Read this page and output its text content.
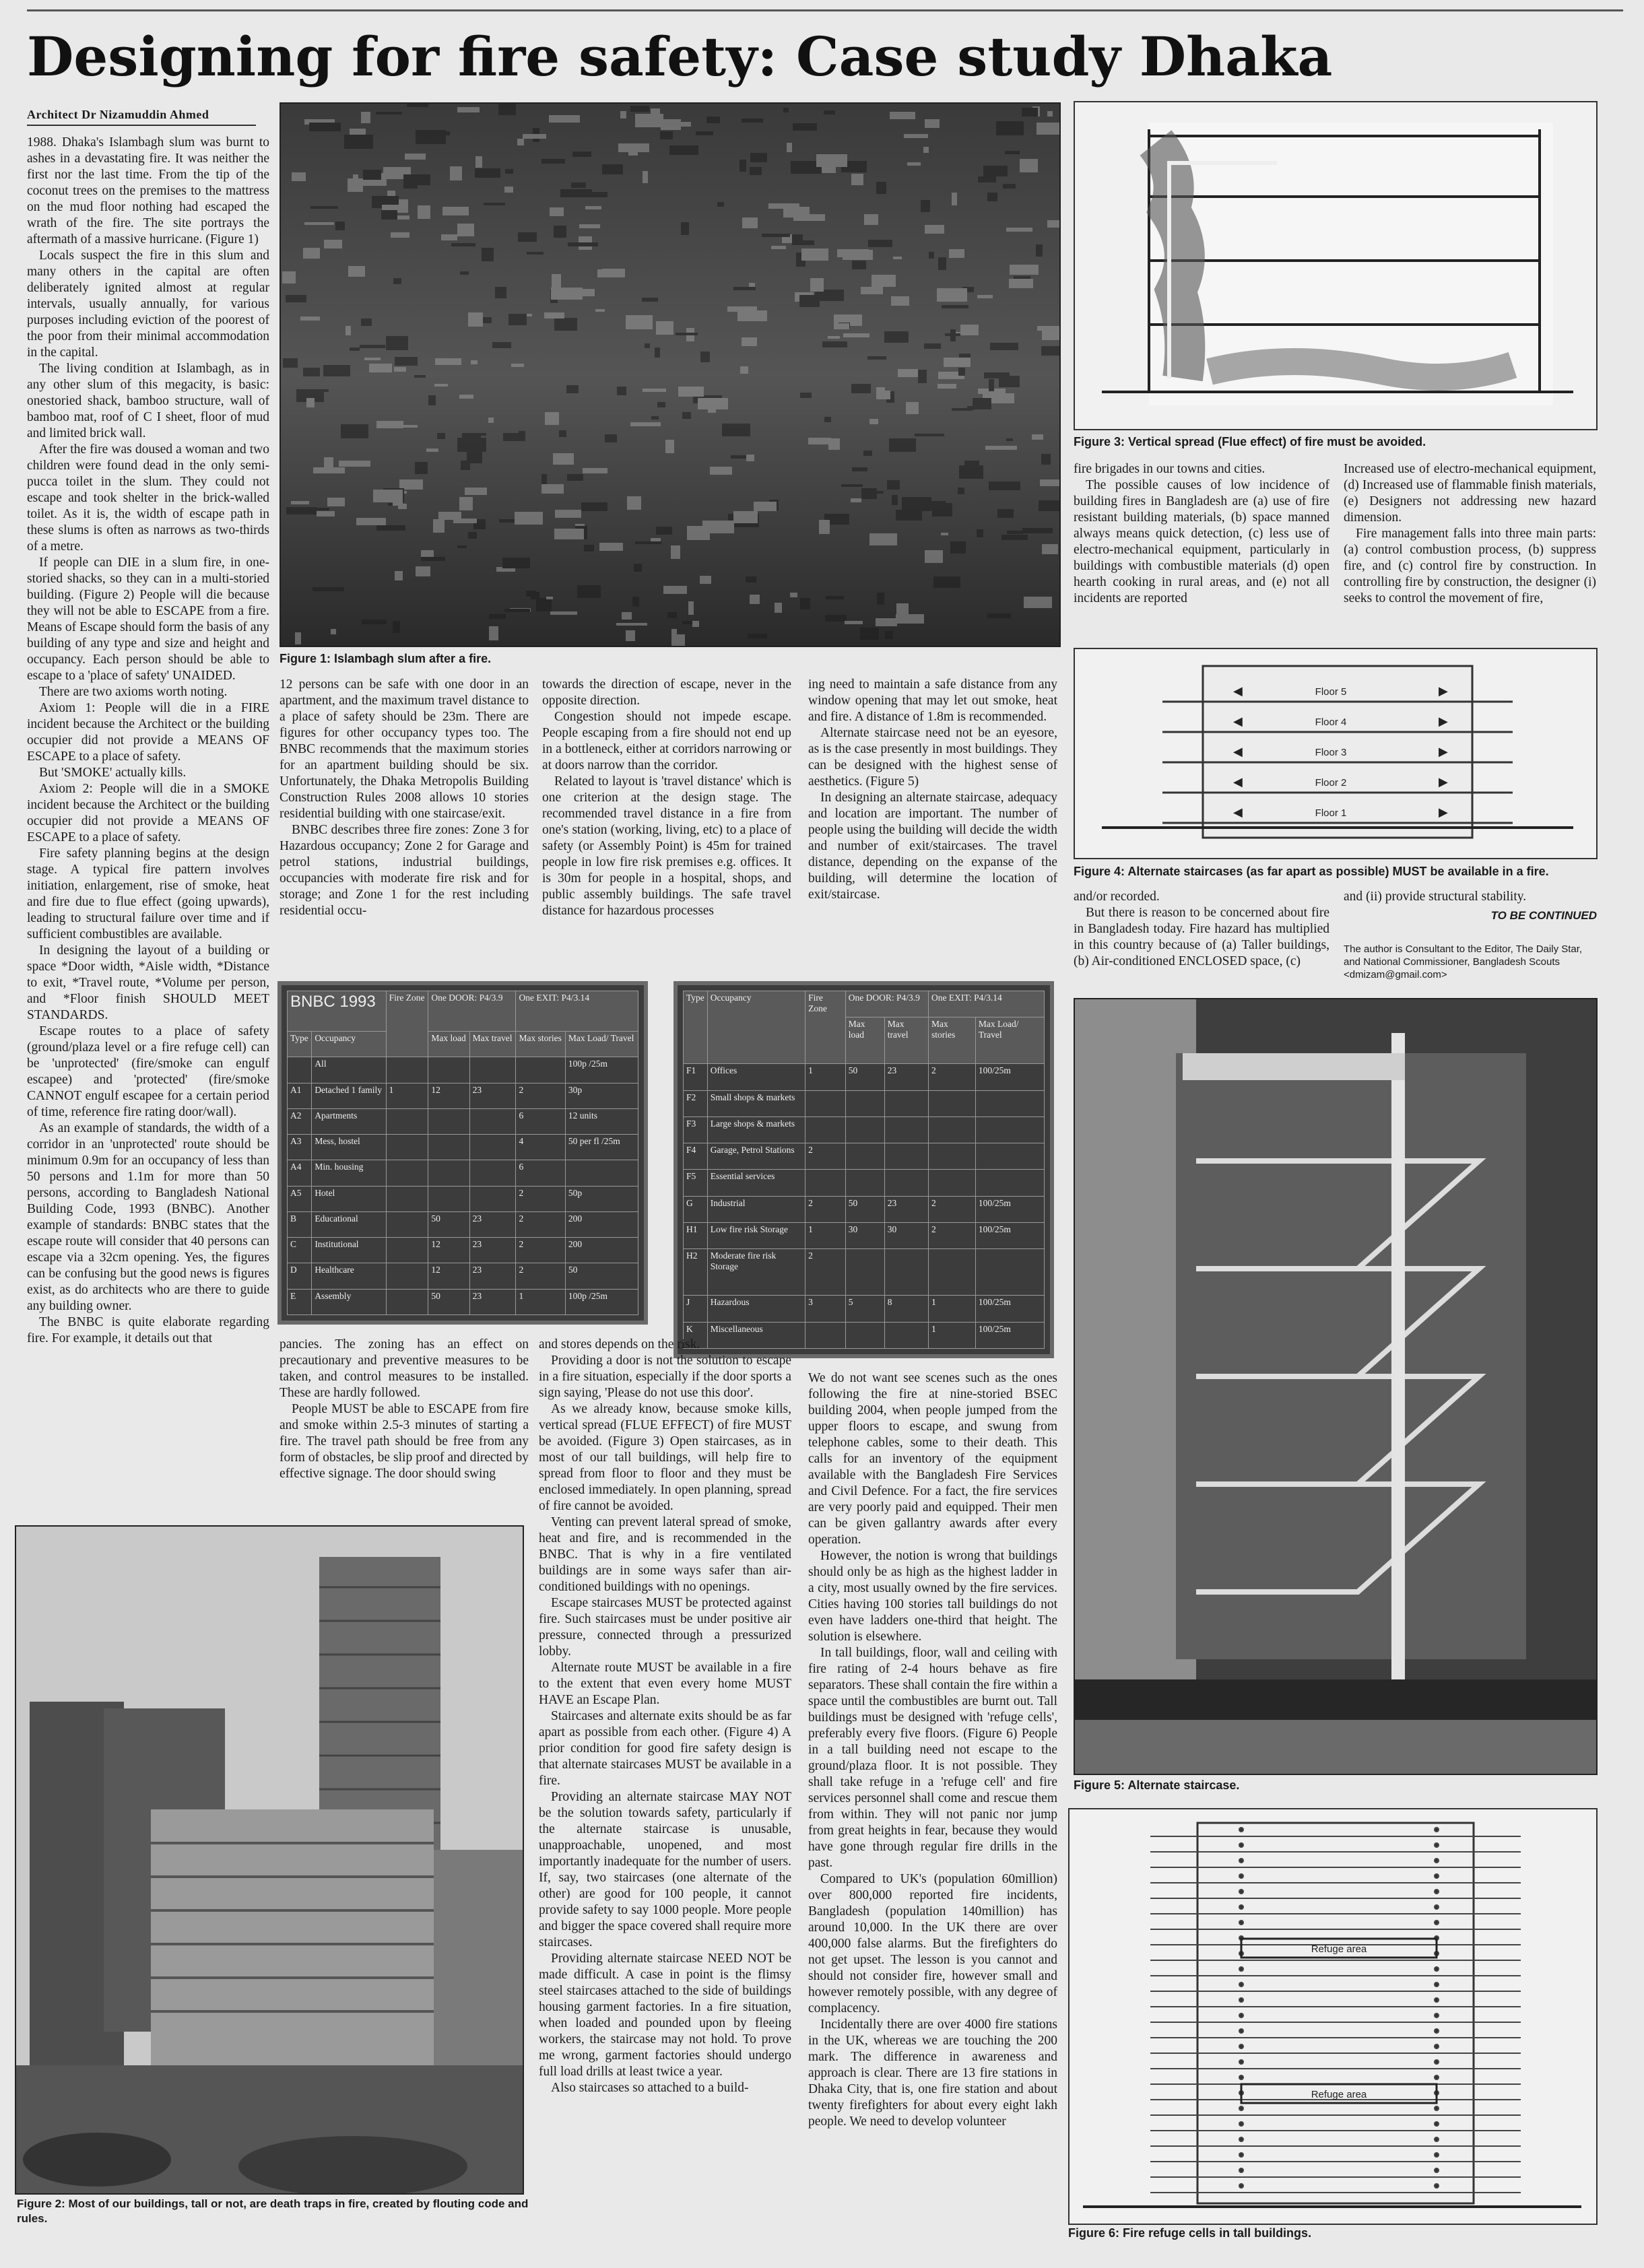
Designing for fire safety: Case study Dhaka
Architect Dr Nizamuddin Ahmed

1988. Dhaka's Islambagh slum was burnt to ashes in a devastating fire. It was neither the first nor the last time. From the tip of the coconut trees on the premises to the mattress on the mud floor nothing had escaped the wrath of the fire. The site portrays the aftermath of a massive hurricane. (Figure 1)

Locals suspect the fire in this slum and many others in the capital are often deliberately ignited almost at regular intervals, usually annually, for various purposes including eviction of the poorest of the poor from their minimal accommodation in the capital.

The living condition at Islambagh, as in any other slum of this megacity, is basic: onestoried shack, bamboo structure, wall of bamboo mat, roof of C I sheet, floor of mud and limited brick wall.

After the fire was doused a woman and two children were found dead in the only semi-pucca toilet in the slum. They could not escape and took shelter in the brick-walled toilet. As it is, the width of escape path in these slums is often as narrows as two-thirds of a metre.

If people can DIE in a slum fire, in one-storied shacks, so they can in a multi-storied building. (Figure 2) People will die because they will not be able to ESCAPE from a fire. Means of Escape should form the basis of any building of any type and size and height and occupancy. Each person should be able to escape to a 'place of safety' UNAIDED.

There are two axioms worth noting.

Axiom 1: People will die in a FIRE incident because the Architect or the building occupier did not provide a MEANS OF ESCAPE to a place of safety.

But 'SMOKE' actually kills.

Axiom 2: People will die in a SMOKE incident because the Architect or the building occupier did not provide a MEANS OF ESCAPE to a place of safety.

Fire safety planning begins at the design stage. A typical fire pattern involves initiation, enlargement, rise of smoke, heat and fire due to flue effect (going upwards), leading to structural failure over time and if sufficient combustibles are available.

In designing the layout of a building or space *Door width, *Aisle width, *Distance to exit, *Travel route, *Volume per person, and *Floor finish SHOULD MEET STANDARDS.

Escape routes to a place of safety (ground/plaza level or a fire refuge cell) can be 'unprotected' (fire/smoke can engulf escapee) and 'protected' (fire/smoke CANNOT engulf escapee for a certain period of time, reference fire rating door/wall).

As an example of standards, the width of a corridor in an 'unprotected' route should be minimum 0.9m for an occupancy of less than 50 persons and 1.1m for more than 50 persons, according to Bangladesh National Building Code, 1993 (BNBC). Another example of standards: BNBC states that the escape route will consider that 40 persons can escape via a 32cm opening. Yes, the figures can be confusing but the good news is figures exist, as do architects who are there to guide any building owner.

The BNBC is quite elaborate regarding fire. For example, it details out that

Figure 1: Islambagh slum after a fire.

12 persons can be safe with one door in an apartment, and the maximum travel distance to a place of safety should be 23m. There are figures for other occupancy types too. The BNBC recommends that the maximum stories for an apartment building should be six. Unfortunately, the Dhaka Metropolis Building Construction Rules 2008 allows 10 stories residential building with one staircase/exit.

BNBC describes three fire zones: Zone 3 for Hazardous occupancy; Zone 2 for Garage and petrol stations, industrial buildings, occupancies with moderate fire risk and for storage; and Zone 1 for the rest including residential occu-

towards the direction of escape, never in the opposite direction.

Congestion should not impede escape. People escaping from a fire should not end up in a bottleneck, either at corridors narrowing or at doors narrow than the corridor.

Related to layout is 'travel distance' which is one criterion at the design stage. The recommended travel distance in a fire from one's station (working, living, etc) to a place of safety (or Assembly Point) is 45m for trained people in low fire risk premises e.g. offices. It is 30m for people in a hospital, shops, and public assembly buildings. The safe travel distance for hazardous processes

ing need to maintain a safe distance from any window opening that may let out smoke, heat and fire. A distance of 1.8m is recommended.

Alternate staircase need not be an eyesore, as is the case presently in most buildings. They can be designed with the highest sense of aesthetics. (Figure 5)

In designing an alternate staircase, adequacy and location are important. The number of people using the building will decide the width and number of exit/staircases. The travel distance, depending on the expanse of the building, will determine the location of exit/staircase.

BNBC 1993		Fire Zone	One DOOR: P4/3.9		One EXIT: P4/3.14	
Type	Occupancy		Max load	Max travel	Max stories	Max Load/ Travel
	All					100p /25m
A1	Detached 1 family	1	12	23	2	30p
A2	Apartments				6	12 units
A3	Mess, hostel				4	50 per fl /25m
A4	Min. housing				6	
A5	Hotel				2	50p
B	Educational		50	23	2	200
C	Institutional		12	23	2	200
D	Healthcare		12	23	2	50
E	Assembly		50	23	1	100p /25m
Type	Occupancy	Fire Zone	One DOOR: P4/3.9		One EXIT: P4/3.14	
			Max load	Max travel	Max stories	Max Load/ Travel
F1	Offices	1	50	23	2	100/25m
F2	Small shops & markets					
F3	Large shops & markets					
F4	Garage, Petrol Stations	2				
F5	Essential services					
G	Industrial	2	50	23	2	100/25m
H1	Low fire risk Storage	1	30	30	2	100/25m
H2	Moderate fire risk Storage	2				
J	Hazardous	3	5	8	1	100/25m
K	Miscellaneous				1	100/25m

pancies. The zoning has an effect on precautionary and preventive measures to be taken, and control measures to be installed. These are hardly followed.

People MUST be able to ESCAPE from fire and smoke within 2.5-3 minutes of starting a fire. The travel path should be free from any form of obstacles, be slip proof and directed by effective signage. The door should swing

and stores depends on the risk.

Providing a door is not the solution to escape in a fire situation, especially if the door sports a sign saying, 'Please do not use this door'.

As we already know, because smoke kills, vertical spread (FLUE EFFECT) of fire MUST be avoided. (Figure 3) Open staircases, as in most of our tall buildings, will help fire to spread from floor to floor and they must be enclosed immediately. In open planning, spread of fire cannot be avoided.

Venting can prevent lateral spread of smoke, heat and fire, and is recommended in the BNBC. That is why in a fire ventilated buildings are in some ways safer than air-conditioned buildings with no openings.

Escape staircases MUST be protected against fire. Such staircases must be under positive air pressure, connected through a pressurized lobby.

Alternate route MUST be available in a fire to the extent that even every home MUST HAVE an Escape Plan.

Staircases and alternate exits should be as far apart as possible from each other. (Figure 4) A prior condition for good fire safety design is that alternate staircases MUST be available in a fire.

Providing an alternate staircase MAY NOT be the solution towards safety, particularly if the alternate staircase is unusable, unapproachable, unopened, and most importantly inadequate for the number of users. If, say, two staircases (one alternate of the other) are good for 100 people, it cannot provide safety to say 1000 people. More people and bigger the space covered shall require more staircases.

Providing alternate staircase NEED NOT be made difficult. A case in point is the flimsy steel staircases attached to the side of buildings housing garment factories. In a fire situation, when loaded and pounded upon by fleeing workers, the staircase may not hold. To prove me wrong, garment factories should undergo full load drills at least twice a year.

Also staircases so attached to a build-

We do not want see scenes such as the ones following the fire at nine-storied BSEC building 2004, when people jumped from the upper floors to escape, and swung from telephone cables, some to their death. This calls for an inventory of the equipment available with the Bangladesh Fire Services and Civil Defence. For a fact, the fire services are very poorly paid and equipped. Their men can be given gallantry awards after every operation.

However, the notion is wrong that buildings should only be as high as the highest ladder in a city, most usually owned by the fire services. Cities having 100 stories tall buildings do not even have ladders one-third that height. The solution is elsewhere.

In tall buildings, floor, wall and ceiling with fire rating of 2-4 hours behave as fire separators. These shall contain the fire within a space until the combustibles are burnt out. Tall buildings must be designed with 'refuge cells', preferably every five floors. (Figure 6) People in a tall building need not escape to the ground/plaza floor. It is not possible. They shall take refuge in a 'refuge cell' and fire services personnel shall come and rescue them from within. They will not panic nor jump from great heights in fear, because they would have gone through regular fire drills in the past.

Compared to UK's (population 60million) over 800,000 reported fire incidents, Bangladesh (population 140million) has around 10,000. In the UK there are over 400,000 false alarms. But the firefighters do not get upset. The lesson is you cannot and should not consider fire, however small and however remotely possible, with any degree of complacency.

Incidentally there are over 4000 fire stations in the UK, whereas we are touching the 200 mark. The difference in awareness and approach is clear. There are 13 fire stations in Dhaka City, that is, one fire station and about twenty firefighters for about every eight lakh people. We need to develop volunteer

Figure 2: Most of our buildings, tall or not, are death traps in fire, created by flouting code and rules.
Figure 3: Vertical spread (Flue effect) of fire must be avoided.

fire brigades in our towns and cities.

The possible causes of low incidence of building fires in Bangladesh are (a) use of fire resistant building materials, (b) space manned always means quick detection, (c) less use of electro-mechanical equipment, particularly in buildings with combustible materials (d) open hearth cooking in rural areas, and (e) not all incidents are reported

Increased use of electro-mechanical equipment, (d) Increased use of flammable finish materials, (e) Designers not addressing new hazard dimension.

Fire management falls into three main parts: (a) control combustion process, (b) suppress fire, and (c) control fire by construction. In controlling fire by construction, the designer (i) seeks to control the movement of fire,

◀	▶
Floor 5
◀	▶
Floor 4
◀	▶
Floor 3
◀	▶
Floor 2
◀	▶
Floor 1
Figure 4: Alternate staircases (as far apart as possible) MUST be available in a fire.

and/or recorded.

But there is reason to be concerned about fire in Bangladesh today. Fire hazard has multiplied in this country because of (a) Taller buildings, (b) Air-conditioned ENCLOSED space, (c)

and (ii) provide structural stability.

TO BE CONTINUED
The author is Consultant to the Editor, The Daily Star, and National Commissioner, Bangladesh Scouts <dmizam@gmail.com>
Figure 5: Alternate staircase.
Refuge area
Refuge area
Figure 6: Fire refuge cells in tall buildings.
